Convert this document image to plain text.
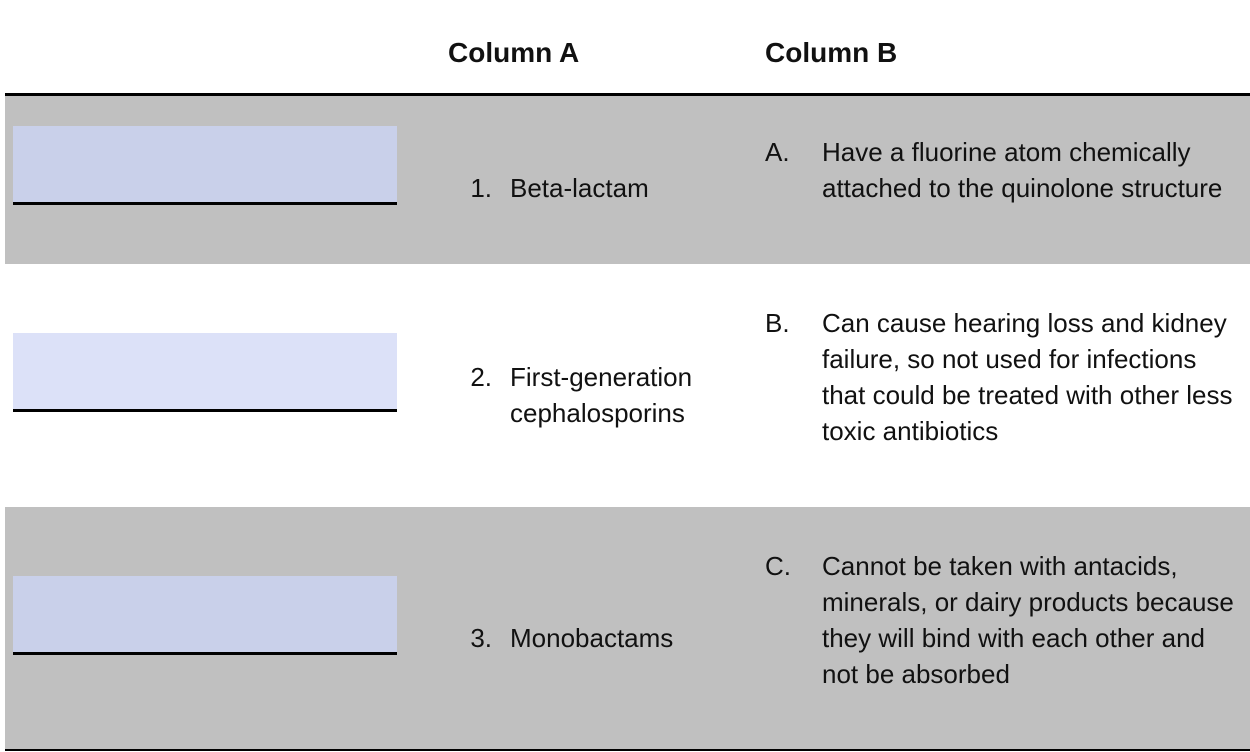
Column A	Column B
1. Beta-lactam
A. Have a fluorine atom chemically attached to the quinolone structure
2. First-generation cephalosporins
B. Can cause hearing loss and kidney failure, so not used for infections that could be treated with other less toxic antibiotics
3. Monobactams
C. Cannot be taken with antacids, minerals, or dairy products because they will bind with each other and not be absorbed
